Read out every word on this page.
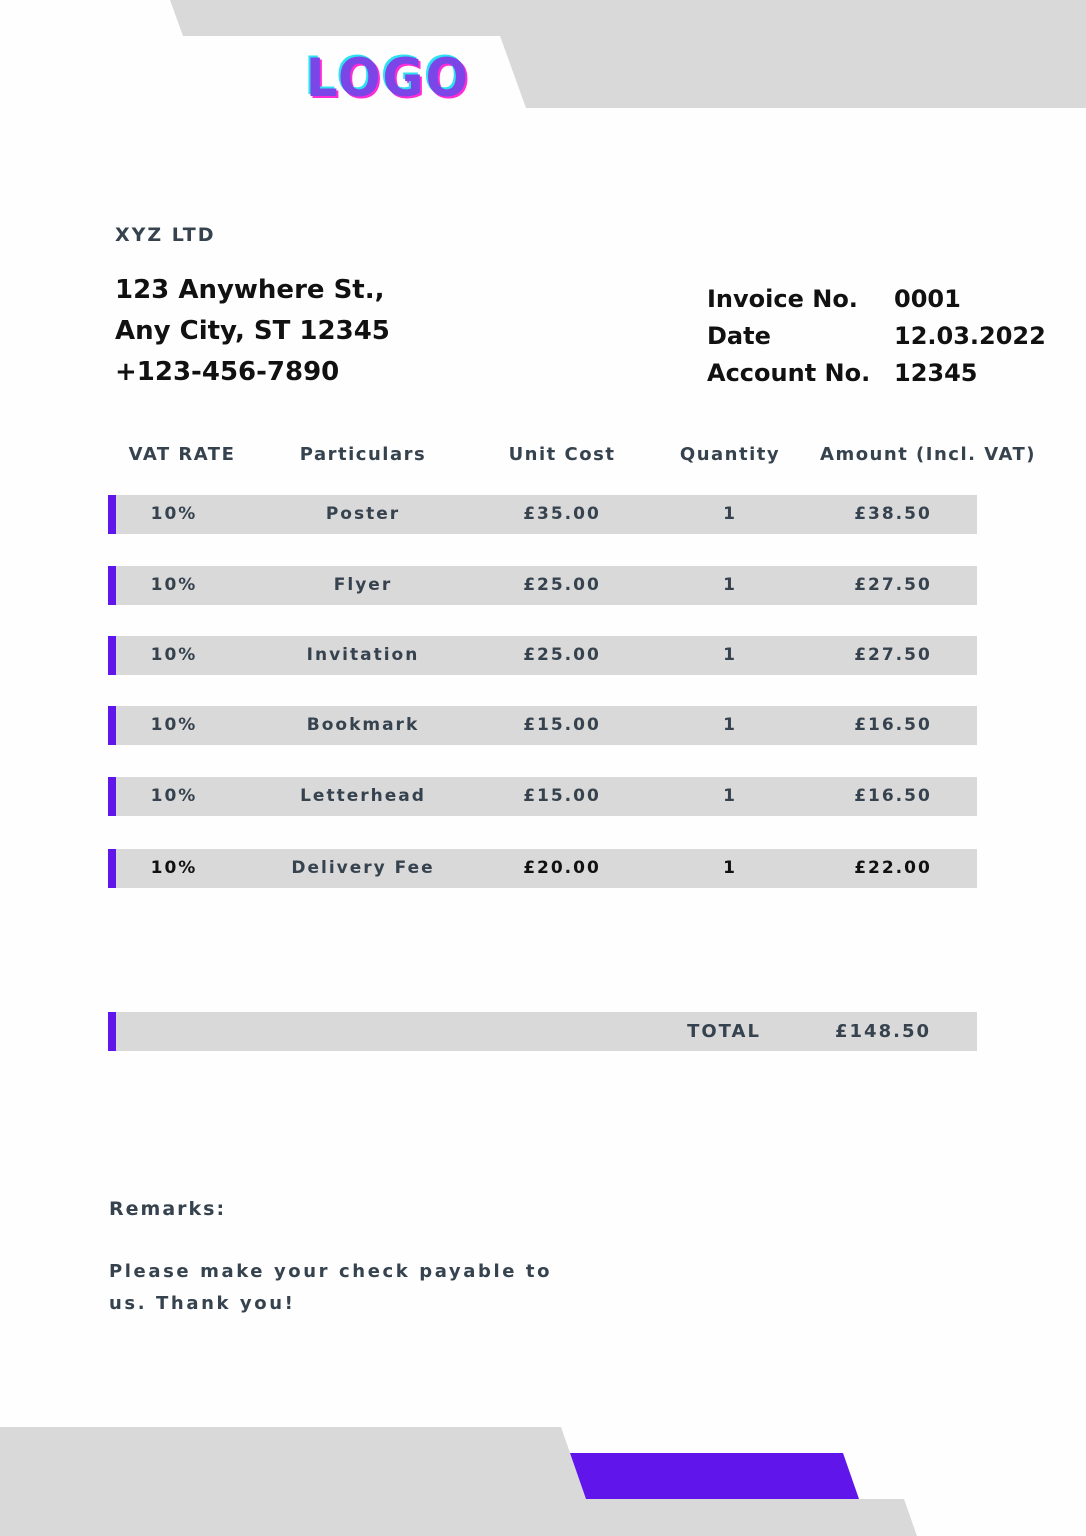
LOGO
XYZ LTD
123 Anywhere St.,
Any City, ST 12345
+123-456-7890
Invoice No.	0001
Date	12.03.2022
Account No. 12345
VAT RATE	Particulars	Unit Cost	Quantity Amount (Incl. VAT)
10%	Poster	£35.00	1	£38.50
10%	Flyer	£25.00	1	£27.50
10%	Invitation	£25.00	1	£27.50
10%	Bookmark	£15.00	1	£16.50
10%	Letterhead	£15.00	1	£16.50
10%	Delivery Fee	£20.00	1	£22.00
TOTAL	£148.50
Remarks:
Please make your check payable to us. Thank you!
